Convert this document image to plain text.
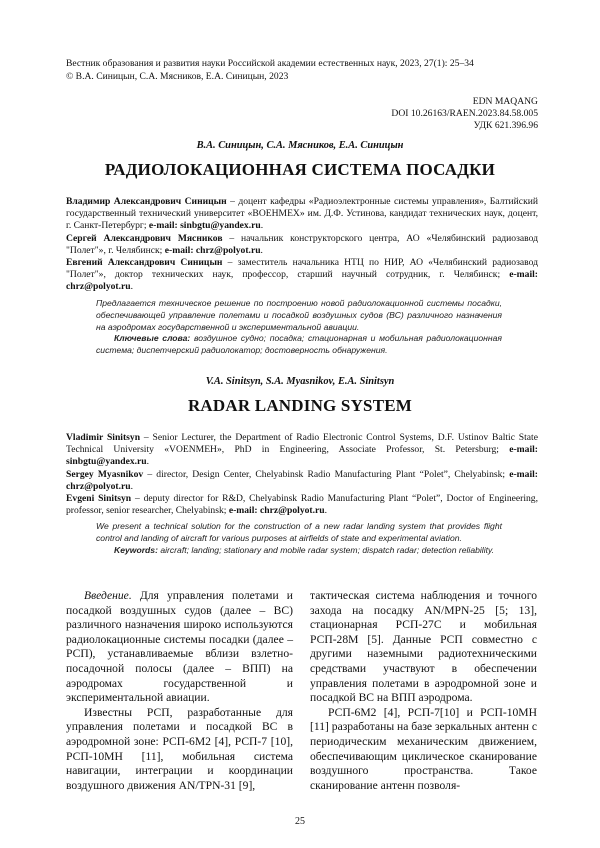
Вестник образования и развития науки Российской академии естественных наук, 2023, 27(1): 25–34
© В.А. Синицын, С.А. Мясников, Е.А. Синицын, 2023
EDN MAQANG
DOI 10.26163/RAEN.2023.84.58.005
УДК 621.396.96
В.А. Синицын, С.А. Мясников, Е.А. Синицын
РАДИОЛОКАЦИОННАЯ СИСТЕМА ПОСАДКИ

Владимир Александрович Синицын – доцент кафедры «Радиоэлектронные системы управления», Балтийский государственный технический университет «ВОЕНМЕХ» им. Д.Ф. Устинова, кандидат технических наук, доцент, г. Санкт-Петербург; e-mail: sinbgtu@yandex.ru.

Сергей Александрович Мясников – начальник конструкторского центра, АО «Челябинский радиозавод "Полет"», г. Челябинск; e-mail: chrz@polyot.ru.

Евгений Александрович Синицын – заместитель начальника НТЦ по НИР, АО «Челябинский радиозавод "Полет"», доктор технических наук, профессор, старший научный сотрудник, г. Челябинск; e-mail: chrz@polyot.ru.

Предлагается техническое решение по построению новой радиолокационной системы посадки, обеспечивающей управление полетами и посадкой воздушных судов (ВС) различного назначения на аэродромах государственной и экспериментальной авиации.

Ключевые слова: воздушное судно; посадка; стационарная и мобильная радиолокационная система; диспетчерский радиолокатор; достоверность обнаружения.

V.A. Sinitsyn, S.A. Myasnikov, E.A. Sinitsyn
RADAR LANDING SYSTEM

Vladimir Sinitsyn – Senior Lecturer, the Department of Radio Electronic Control Systems, D.F. Ustinov Baltic State Technical University «VOENMEH», PhD in Engineering, Associate Professor, St. Petersburg; e-mail: sinbgtu@yandex.ru.

Sergey Myasnikov – director, Design Center, Chelyabinsk Radio Manufacturing Plant “Polet”, Chelyabinsk; e-mail: chrz@polyot.ru.

Evgeni Sinitsyn – deputy director for R&D, Chelyabinsk Radio Manufacturing Plant “Polet”, Doctor of Engineering, professor, senior researcher, Chelyabinsk; e-mail: chrz@polyot.ru.

We present a technical solution for the construction of a new radar landing system that provides flight control and landing of aircraft for various purposes at airfields of state and experimental aviation.

Keywords: aircraft; landing; stationary and mobile radar system; dispatch radar; detection reliability.

Введение. Для управления полетами и посадкой воздушных судов (далее – ВС) различного назначения широко используются радиолокационные системы посадки (далее – РСП), устанавливаемые вблизи взлетно-посадочной полосы (далее – ВПП) на аэродромах государственной и экспериментальной авиации.

Известны РСП, разработанные для управления полетами и посадкой ВС в аэродромной зоне: РСП-6М2 [4], РСП-7 [10], РСП-10МН [11], мобильная система навигации, интеграции и координации воздушного движения AN/TPN-31 [9],

тактическая система наблюдения и точного захода на посадку AN/MPN-25 [5; 13], стационарная РСП-27С и мобильная РСП-28М [5]. Данные РСП совместно с другими наземными радиотехническими средствами участвуют в обеспечении управления полетами в аэродромной зоне и посадкой ВС на ВПП аэродрома.

РСП-6М2 [4], РСП-7[10] и РСП-10МН [11] разработаны на базе зеркальных антенн с периодическим механическим движением, обеспечивающим циклическое сканирование воздушного пространства. Такое сканирование антенн позволя-

25
